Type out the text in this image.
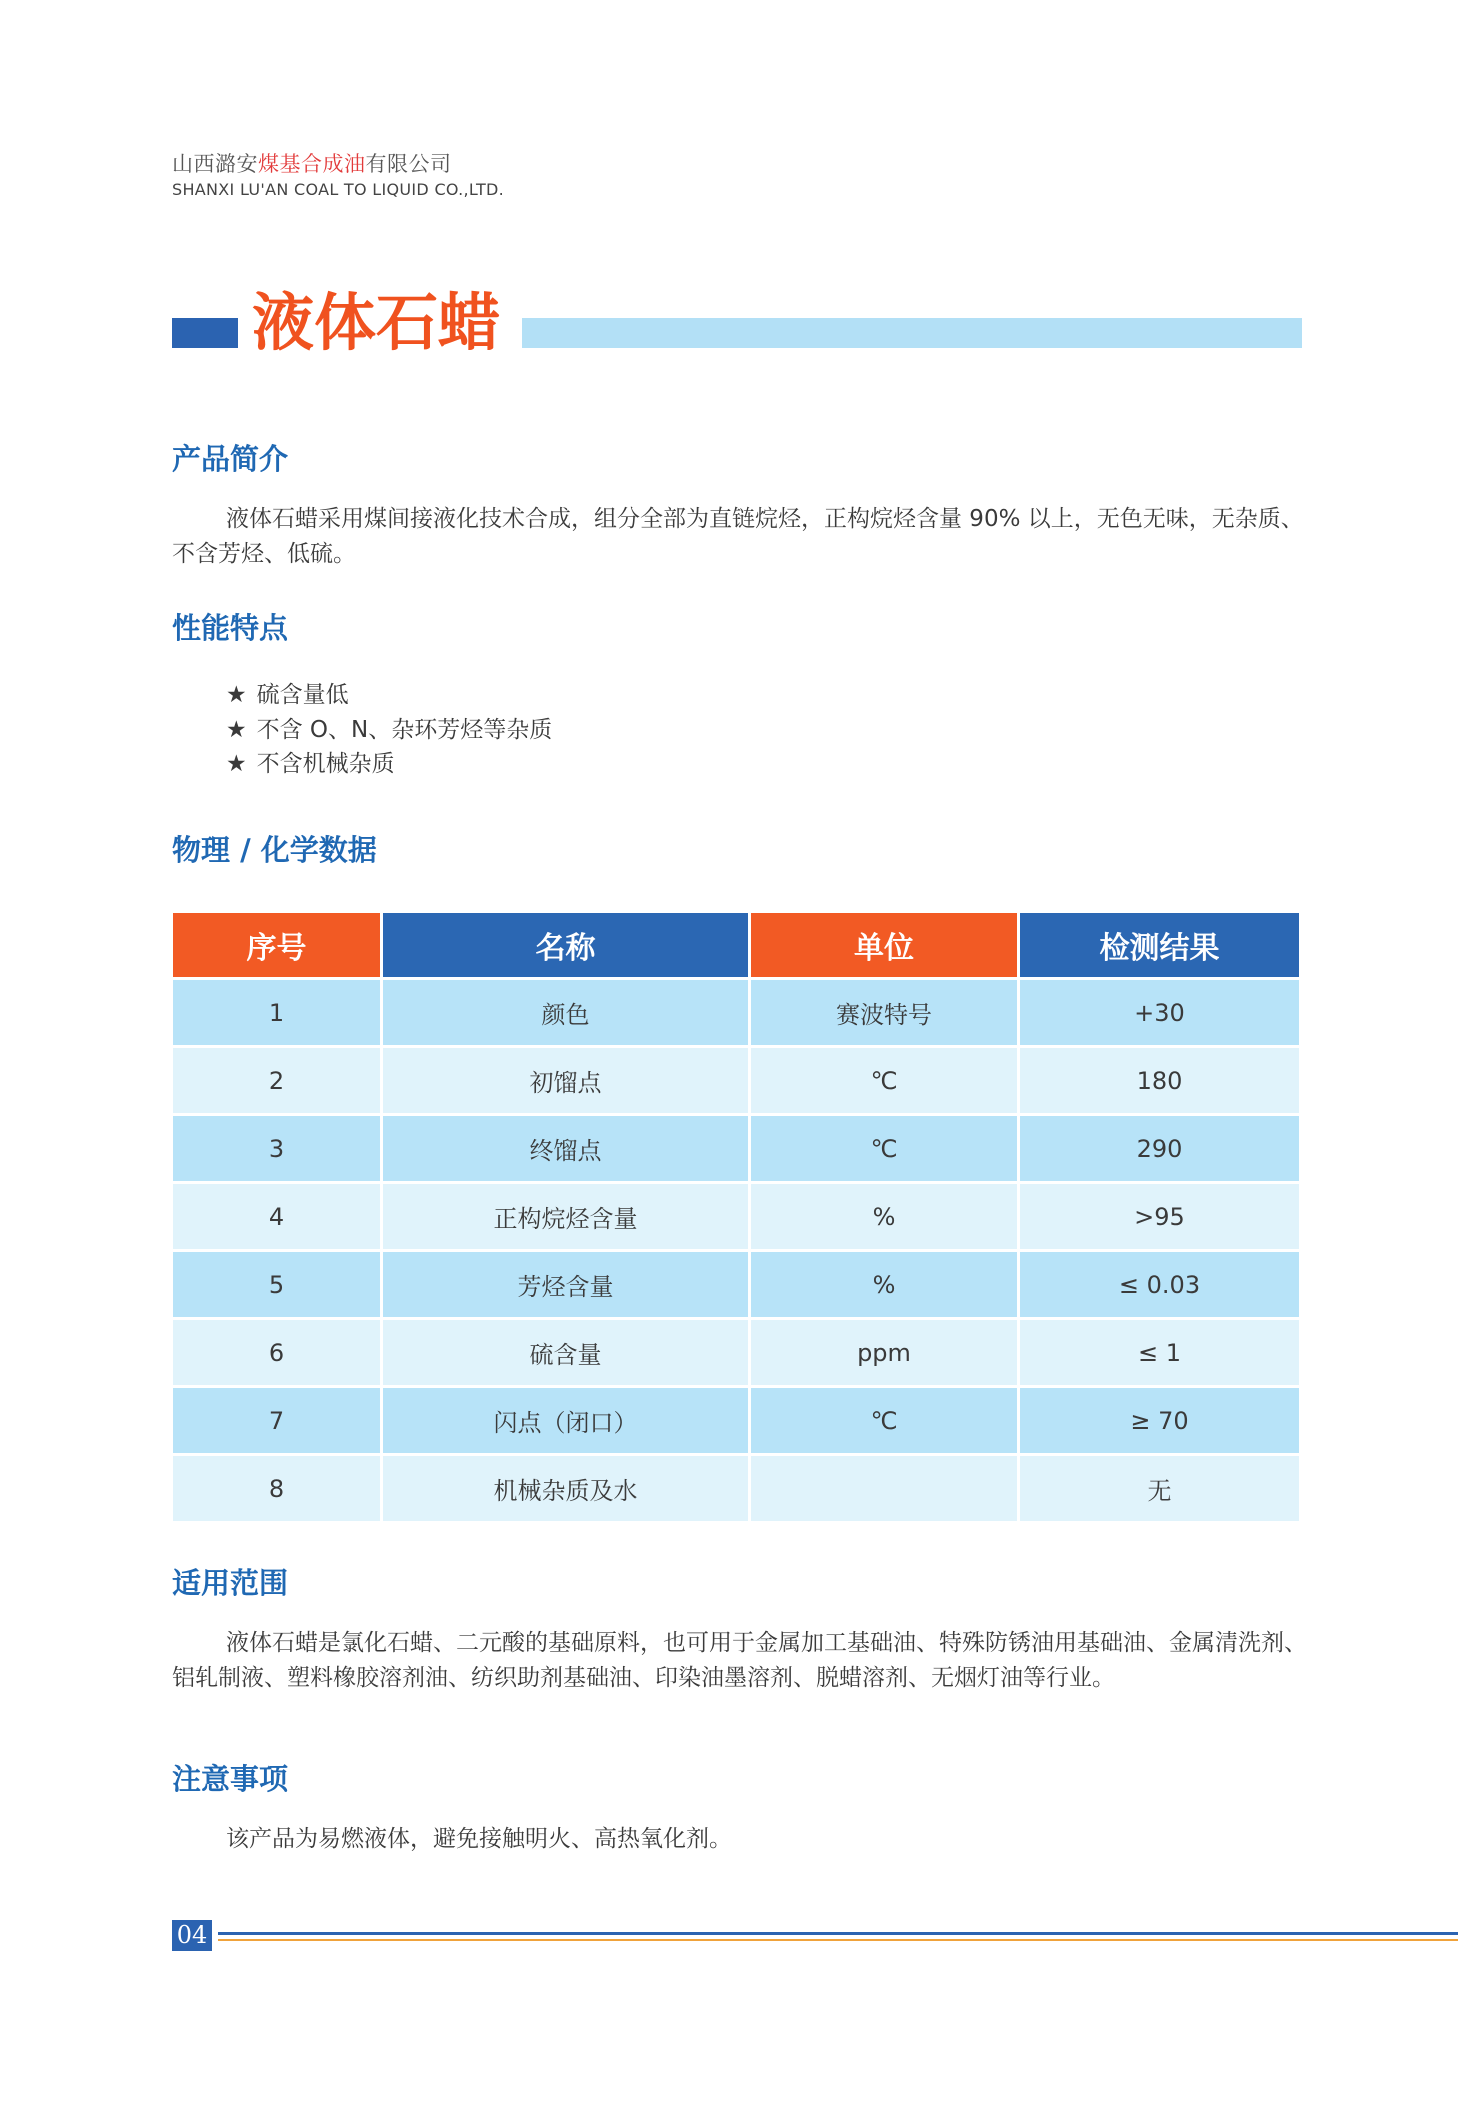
山西潞安煤基合成油有限公司
SHANXI LU'AN COAL TO LIQUID CO.,LTD.
液体石蜡
产品简介
液体石蜡采用煤间接液化技术合成，组分全部为直链烷烃，正构烷烃含量 90% 以上，无色无味，无杂质、不含芳烃、低硫。
性能特点
★ 硫含量低
★ 不含 O、N、杂环芳烃等杂质
★ 不含机械杂质
物理 / 化学数据
序号	名称	单位	检测结果
1	颜色	赛波特号	+30
2	初馏点	℃	180
3	终馏点	℃	290
4	正构烷烃含量	%	>95
5	芳烃含量	%	≤ 0.03
6	硫含量	ppm	≤ 1
7	闪点（闭口）	℃	≥ 70
8	机械杂质及水		无
适用范围
液体石蜡是氯化石蜡、二元酸的基础原料，也可用于金属加工基础油、特殊防锈油用基础油、金属清洗剂、铝轧制液、塑料橡胶溶剂油、纺织助剂基础油、印染油墨溶剂、脱蜡溶剂、无烟灯油等行业。
注意事项
该产品为易燃液体，避免接触明火、高热氧化剂。
04
